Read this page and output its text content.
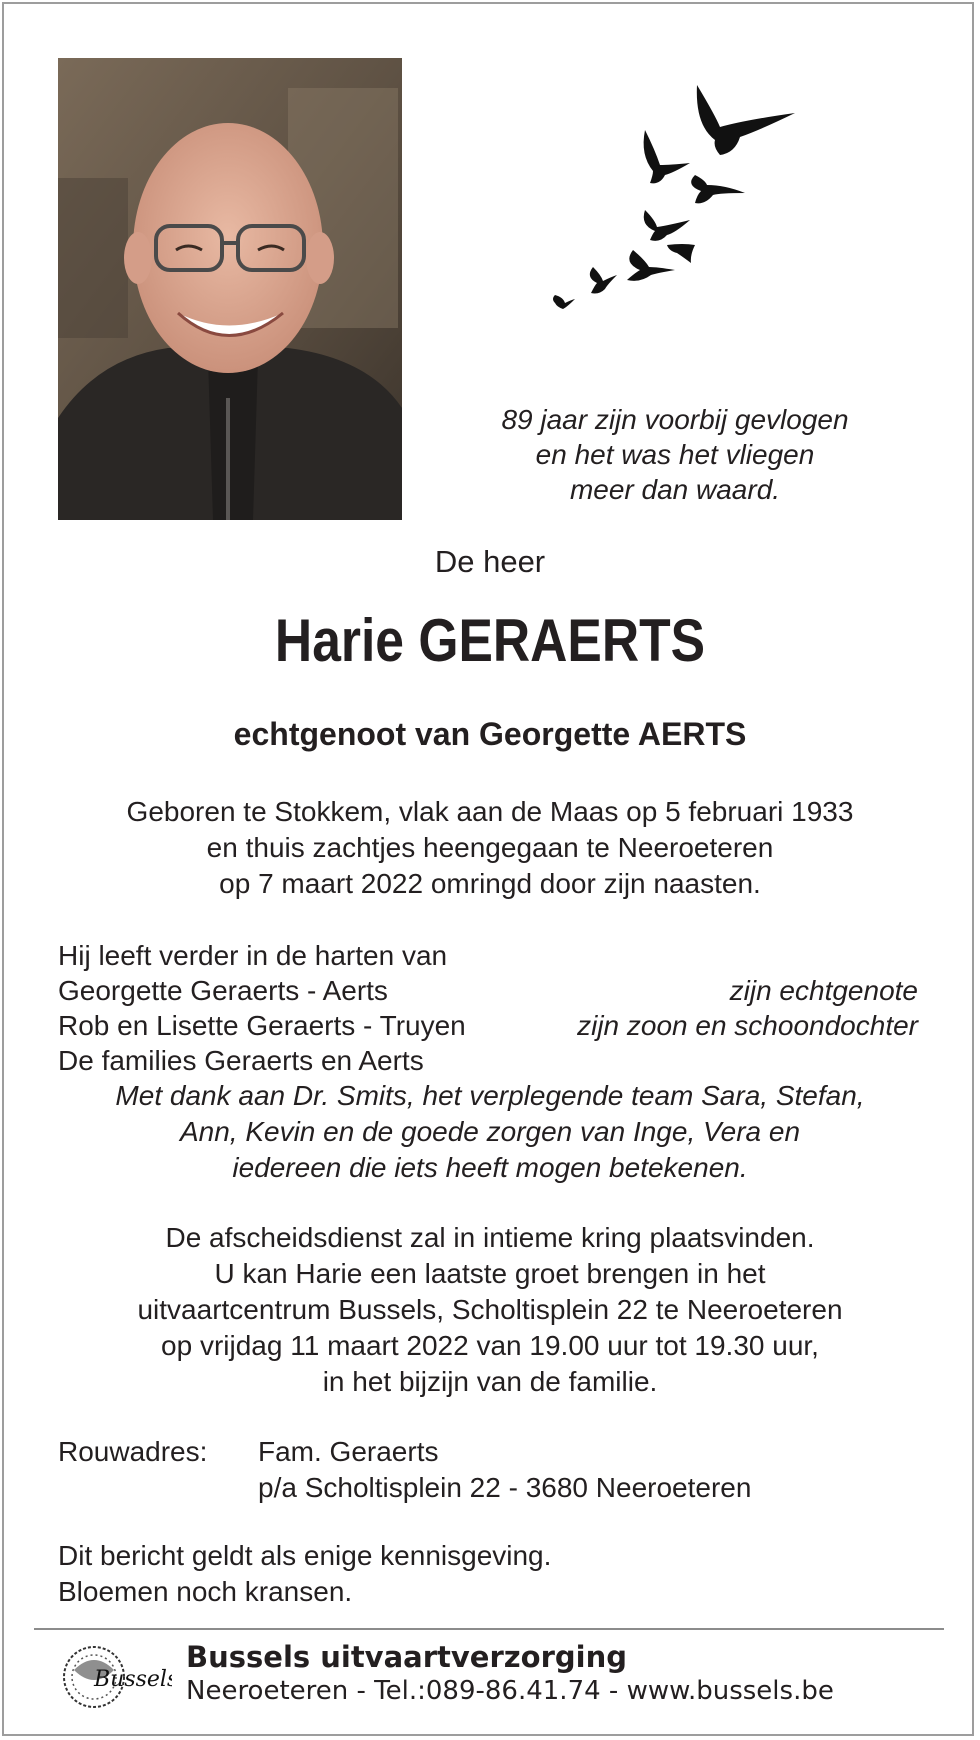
89 jaar zijn voorbij gevlogen
en het was het vliegen
meer dan waard.
De heer
Harie GERAERTS
echtgenoot van Georgette AERTS
Geboren te Stokkem, vlak aan de Maas op 5 februari 1933
en thuis zachtjes heengegaan te Neeroeteren
op 7 maart 2022 omringd door zijn naasten.
Hij leeft verder in de harten van
Georgette Geraerts - Aerts	zijn echtgenote
Rob en Lisette Geraerts - Truyen	zijn zoon en schoondochter
De families Geraerts en Aerts
Met dank aan Dr. Smits, het verplegende team Sara, Stefan,
Ann, Kevin en de goede zorgen van Inge, Vera en
iedereen die iets heeft mogen betekenen.
De afscheidsdienst zal in intieme kring plaatsvinden.
U kan Harie een laatste groet brengen in het
uitvaartcentrum Bussels, Scholtisplein 22 te Neeroeteren
op vrijdag 11 maart 2022 van 19.00 uur tot 19.30 uur,
in het bijzijn van de familie.
Rouwadres: Fam. Geraerts
p/a Scholtisplein 22 - 3680 Neeroeteren
Dit bericht geldt als enige kennisgeving.
Bloemen noch kransen.
Bussels
Bussels uitvaartverzorging
Neeroeteren - Tel.:089-86.41.74 - www.bussels.be
